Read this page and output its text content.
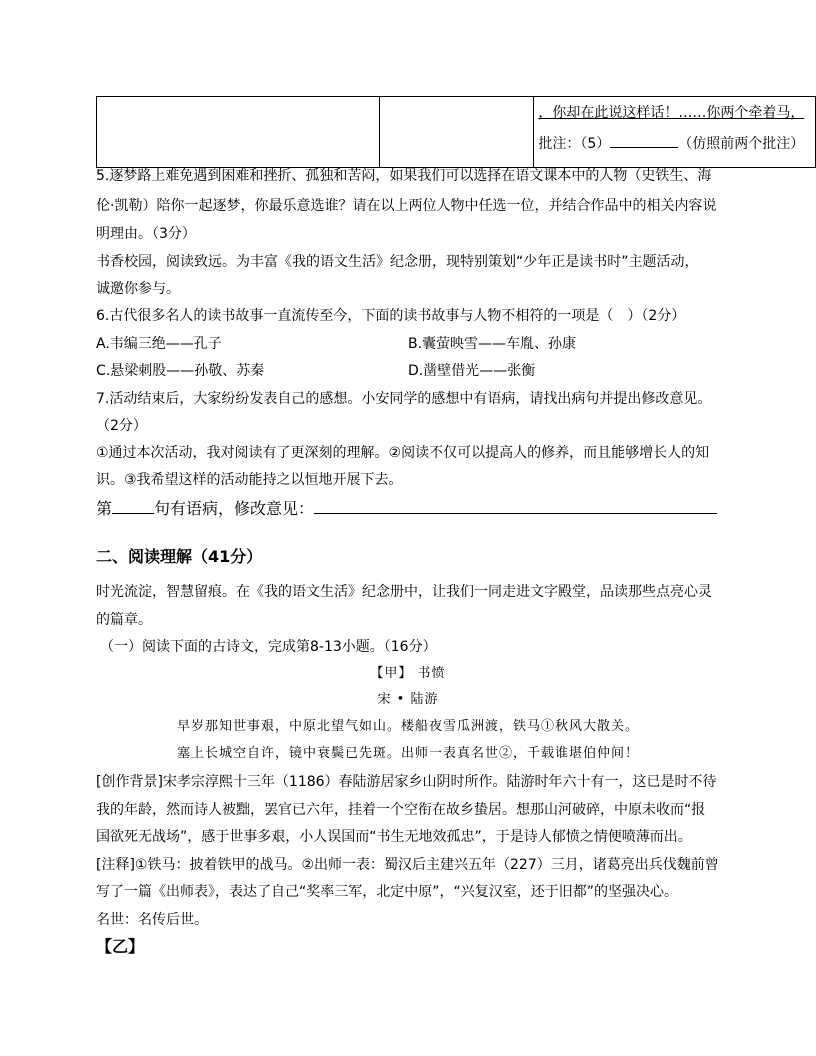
，你却在此说这样话！……你两个牵着马，
批注：（5）	（仿照前两个批注）
5.逐梦路上难免遇到困难和挫折、孤独和苦闷，如果我们可以选择在语文课本中的人物（史铁生、海
伦·凯勒）陪你一起逐梦，你最乐意选谁？请在以上两位人物中任选一位，并结合作品中的相关内容说
明理由。（3分）
书香校园，阅读致远。为丰富《我的语文生活》纪念册，现特别策划“少年正是读书时”主题活动，
诚邀你参与。
6.古代很多名人的读书故事一直流传至今，下面的读书故事与人物不相符的一项是（　）（2分）
A.韦编三绝——孔子	B.囊萤映雪——车胤、孙康
C.悬梁刺股——孙敬、苏秦	D.凿壁借光——张衡
7.活动结束后，大家纷纷发表自己的感想。小安同学的感想中有语病，请找出病句并提出修改意见。
（2分）
①通过本次活动，我对阅读有了更深刻的理解。②阅读不仅可以提高人的修养，而且能够增长人的知
识。③我希望这样的活动能持之以恒地开展下去。
第	句有语病，修改意见：
二、阅读理解（41分）
时光流淀，智慧留痕。在《我的语文生活》纪念册中，让我们一同走进文字殿堂，品读那些点亮心灵
的篇章。
（一）阅读下面的古诗文，完成第8-13小题。（16分）
【甲】 书愤
宋 • 陆游
早岁那知世事艰，中原北望气如山。楼船夜雪瓜洲渡，铁马①秋风大散关。
塞上长城空自许，镜中衰鬓已先斑。出师一表真名世②，千载谁堪伯仲间！
[创作背景]宋孝宗淳熙十三年（1186）春陆游居家乡山阴时所作。陆游时年六十有一，这已是时不待
我的年龄，然而诗人被黜，罢官已六年，挂着一个空衔在故乡蛰居。想那山河破碎，中原未收而“报
国欲死无战场”，感于世事多艰，小人误国而“书生无地效孤忠”，于是诗人郁愤之情便喷薄而出。
[注释]①铁马：披着铁甲的战马。②出师一表：蜀汉后主建兴五年（227）三月，诸葛亮出兵伐魏前曾
写了一篇《出师表》，表达了自己“奖率三军，北定中原”，“兴复汉室，还于旧都”的坚强决心。
名世：名传后世。
【乙】
